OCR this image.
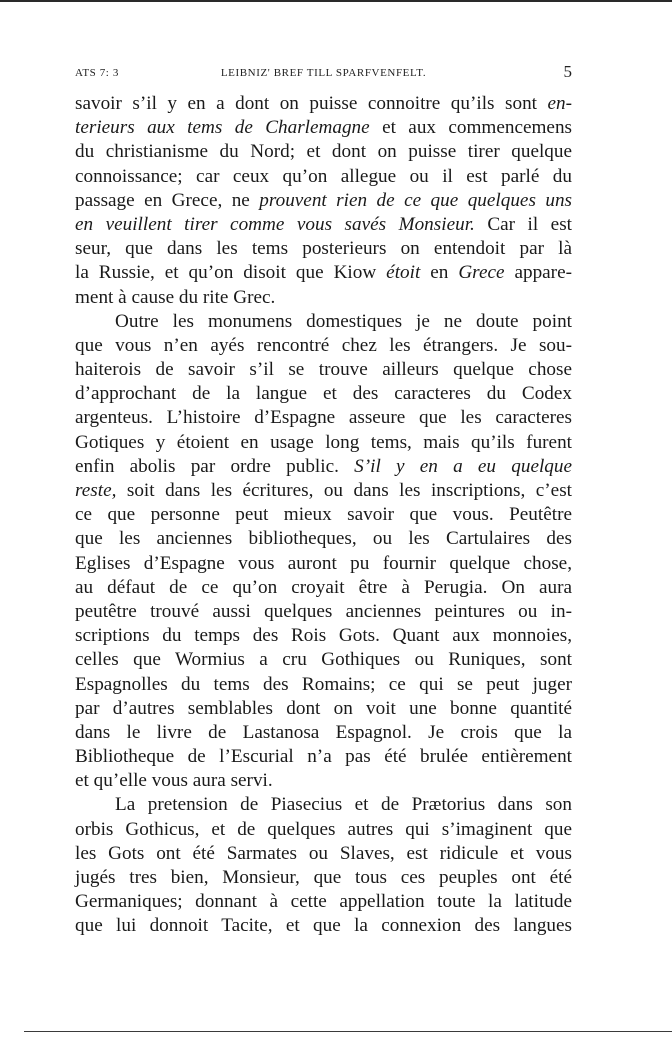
ATS 7: 3	LEIBNIZ' BREF TILL SPARFVENFELT.	5
savoir s’il y en a dont on puisse connoitre qu’ils sont en-
terieurs aux tems de Charlemagne et aux commencemens
du christianisme du Nord; et dont on puisse tirer quelque
connoissance; car ceux qu’on allegue ou il est parlé du
passage en Grece, ne prouvent rien de ce que quelques uns
en veuillent tirer comme vous savés Monsieur. Car il est
seur, que dans les tems posterieurs on entendoit par là
la Russie, et qu’on disoit que Kiow étoit en Grece appare-
ment à cause du rite Grec.
Outre les monumens domestiques je ne doute point
que vous n’en ayés rencontré chez les étrangers. Je sou-
haiterois de savoir s’il se trouve ailleurs quelque chose
d’approchant de la langue et des caracteres du Codex
argenteus. L’histoire d’Espagne asseure que les caracteres
Gotiques y étoient en usage long tems, mais qu’ils furent
enfin abolis par ordre public. S’il y en a eu quelque
reste, soit dans les écritures, ou dans les inscriptions, c’est
ce que personne peut mieux savoir que vous. Peutêtre
que les anciennes bibliotheques, ou les Cartulaires des
Eglises d’Espagne vous auront pu fournir quelque chose,
au défaut de ce qu’on croyait être à Perugia. On aura
peutêtre trouvé aussi quelques anciennes peintures ou in-
scriptions du temps des Rois Gots. Quant aux monnoies,
celles que Wormius a cru Gothiques ou Runiques, sont
Espagnolles du tems des Romains; ce qui se peut juger
par d’autres semblables dont on voit une bonne quantité
dans le livre de Lastanosa Espagnol. Je crois que la
Bibliotheque de l’Escurial n’a pas été brulée entièrement
et qu’elle vous aura servi.
La pretension de Piasecius et de Prætorius dans son
orbis Gothicus, et de quelques autres qui s’imaginent que
les Gots ont été Sarmates ou Slaves, est ridicule et vous
jugés tres bien, Monsieur, que tous ces peuples ont été
Germaniques; donnant à cette appellation toute la latitude
que lui donnoit Tacite, et que la connexion des langues
